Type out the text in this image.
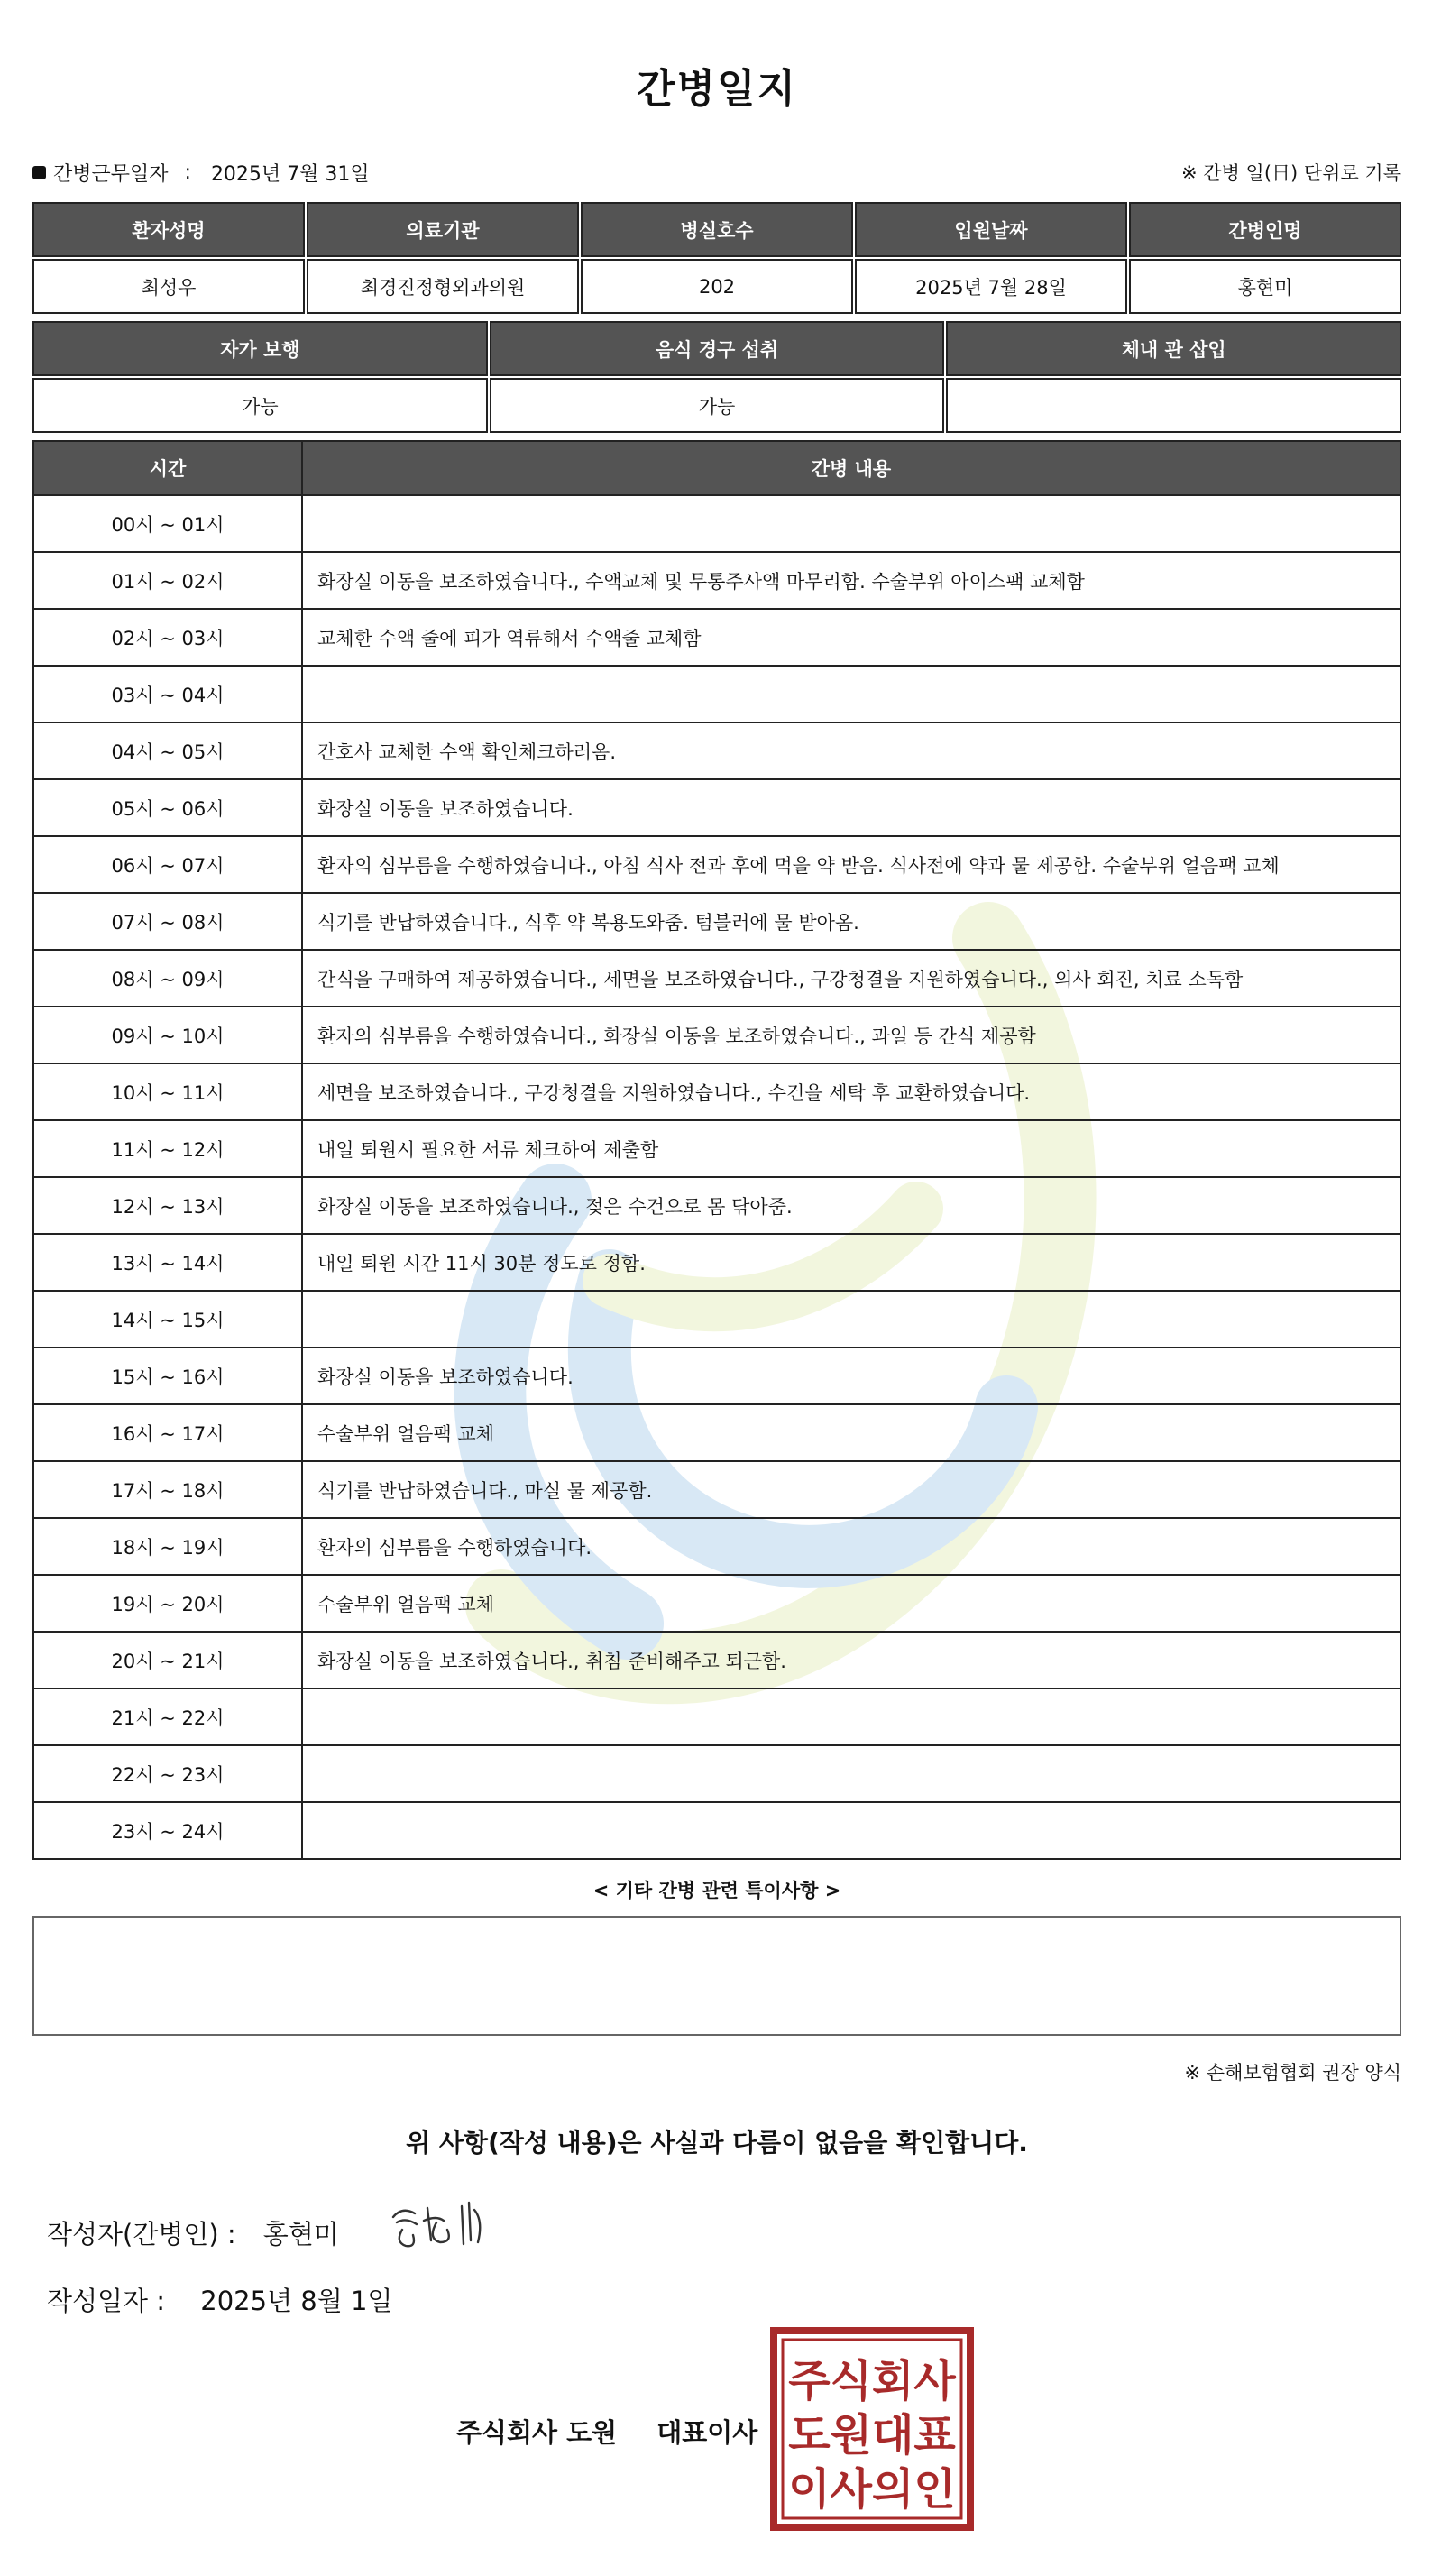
간병일지
간병근무일자 : 2025년 7월 31일	※ 간병 일(日) 단위로 기록
환자성명	의료기관	병실호수	입원날짜	간병인명
최성우	최경진정형외과의원	202	2025년 7월 28일	홍현미
자가 보행	음식 경구 섭취	체내 관 삽입
가능	가능
시간	간병 내용
00시 ~ 01시
01시 ~ 02시	화장실 이동을 보조하였습니다., 수액교체 및 무통주사액 마무리함. 수술부위 아이스팩 교체함
02시 ~ 03시	교체한 수액 줄에 피가 역류해서 수액줄 교체함
03시 ~ 04시
04시 ~ 05시	간호사 교체한 수액 확인체크하러옴.
05시 ~ 06시	화장실 이동을 보조하였습니다.
06시 ~ 07시	환자의 심부름을 수행하였습니다., 아침 식사 전과 후에 먹을 약 받음. 식사전에 약과 물 제공함. 수술부위 얼음팩 교체
07시 ~ 08시	식기를 반납하였습니다., 식후 약 복용도와줌. 텀블러에 물 받아옴.
08시 ~ 09시	간식을 구매하여 제공하였습니다., 세면을 보조하였습니다., 구강청결을 지원하였습니다., 의사 회진, 치료 소독함
09시 ~ 10시	환자의 심부름을 수행하였습니다., 화장실 이동을 보조하였습니다., 과일 등 간식 제공함
10시 ~ 11시	세면을 보조하였습니다., 구강청결을 지원하였습니다., 수건을 세탁 후 교환하였습니다.
11시 ~ 12시	내일 퇴원시 필요한 서류 체크하여 제출함
12시 ~ 13시	화장실 이동을 보조하였습니다., 젖은 수건으로 몸 닦아줌.
13시 ~ 14시	내일 퇴원 시간 11시 30분 정도로 정함.
14시 ~ 15시
15시 ~ 16시	화장실 이동을 보조하였습니다.
16시 ~ 17시	수술부위 얼음팩 교체
17시 ~ 18시	식기를 반납하였습니다., 마실 물 제공함.
18시 ~ 19시	환자의 심부름을 수행하였습니다.
19시 ~ 20시	수술부위 얼음팩 교체
20시 ~ 21시	화장실 이동을 보조하였습니다., 취침 준비해주고 퇴근함.
21시 ~ 22시
22시 ~ 23시
23시 ~ 24시
< 기타 간병 관련 특이사항 >
※ 손해보험협회 권장 양식
위 사항(작성 내용)은 사실과 다름이 없음을 확인합니다.
작성자(간병인) : 홍현미
작성일자 : 2025년 8월 1일
주식회사 도원 대표이사
주식회사
도원대표
이사의인
